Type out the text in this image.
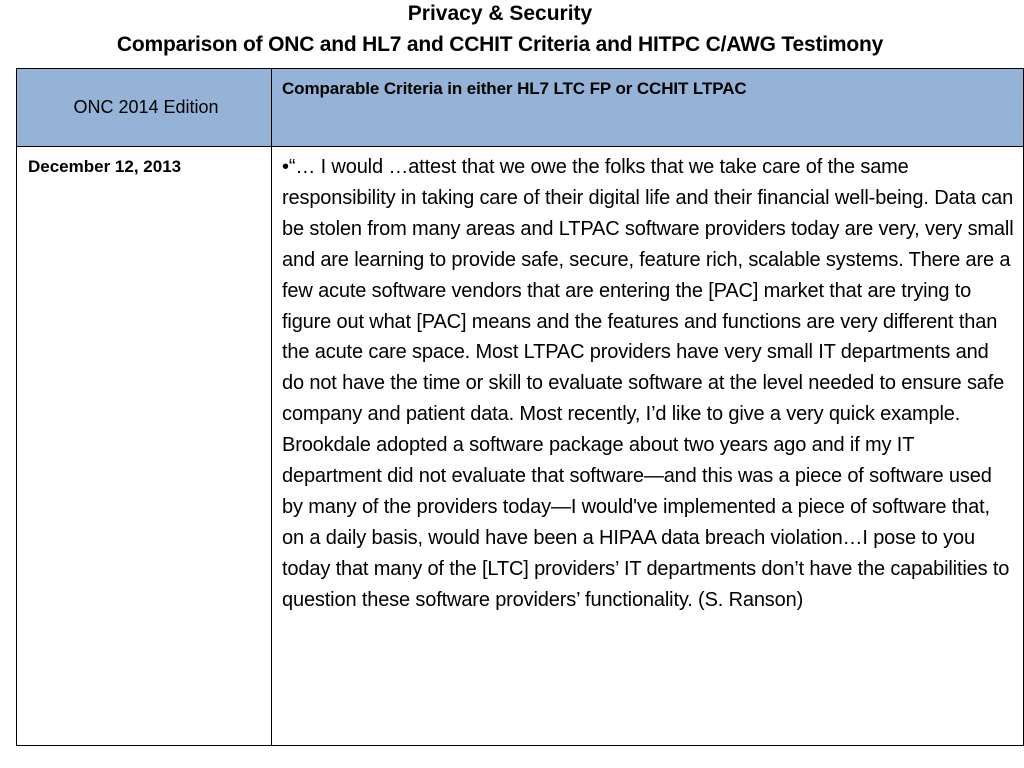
Privacy & Security
Comparison of ONC and HL7 and CCHIT Criteria and HITPC C/AWG Testimony
ONC 2014 Edition	Comparable Criteria in either HL7 LTC FP or CCHIT LTPAC
December 12, 2013	•“… I would …attest that we owe the folks that we take care of the same responsibility in taking care of their digital life and their financial well-being. Data can be stolen from many areas and LTPAC software providers today are very, very small and are learning to provide safe, secure, feature rich, scalable systems. There are a few acute software vendors that are entering the [PAC] market that are trying to figure out what [PAC] means and the features and functions are very different than the acute care space. Most LTPAC providers have very small IT departments and do not have the time or skill to evaluate software at the level needed to ensure safe company and patient data. Most recently, I’d like to give a very quick example. Brookdale adopted a software package about two years ago and if my IT department did not evaluate that software—and this was a piece of software used by many of the providers today—I would've implemented a piece of software that, on a daily basis, would have been a HIPAA data breach violation…I pose to you today that many of the [LTC] providers’ IT departments don’t have the capabilities to question these software providers’ functionality. (S. Ranson)
